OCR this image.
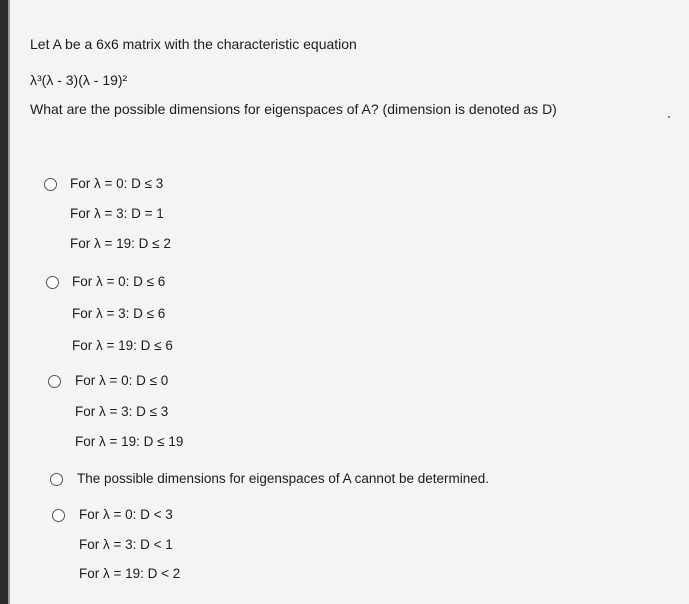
Let A be a 6x6 matrix with the characteristic equation
λ³(λ - 3)(λ - 19)²
What are the possible dimensions for eigenspaces of A? (dimension is denoted as D)
For λ = 0: D ≤ 3
For λ = 3: D = 1
For λ = 19: D ≤ 2
For λ = 0: D ≤ 6
For λ = 3: D ≤ 6
For λ = 19: D ≤ 6
For λ = 0: D ≤ 0
For λ = 3: D ≤ 3
For λ = 19: D ≤ 19
The possible dimensions for eigenspaces of A cannot be determined.
For λ = 0: D < 3
For λ = 3: D < 1
For λ = 19: D < 2
